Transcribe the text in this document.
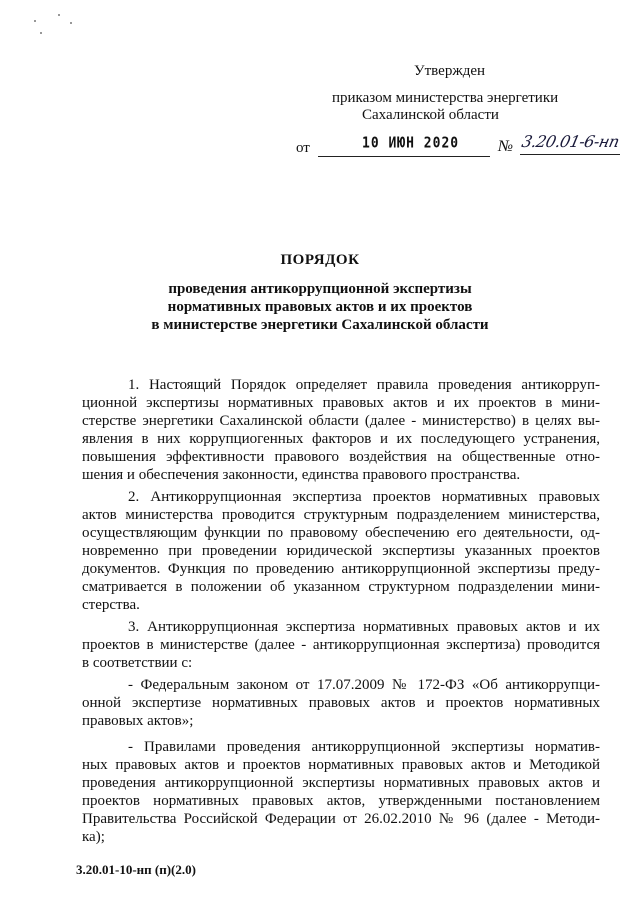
Утвержден
приказом министерства энергетики
Сахалинской области
от	10 ИЮН 2020 № 3.20.01-6-нп
ПОРЯДОК
проведения антикоррупционной экспертизы
нормативных правовых актов и их проектов
в министерстве энергетики Сахалинской области
1. Настоящий Порядок определяет правила проведения антикорруп-
ционной экспертизы нормативных правовых актов и их проектов в мини-
стерстве энергетики Сахалинской области (далее - министерство) в целях вы-
явления в них коррупциогенных факторов и их последующего устранения,
повышения эффективности правового воздействия на общественные отно-
шения и обеспечения законности, единства правового пространства.
2. Антикоррупционная экспертиза проектов нормативных правовых
актов министерства проводится структурным подразделением министерства,
осуществляющим функции по правовому обеспечению его деятельности, од-
новременно при проведении юридической экспертизы указанных проектов
документов. Функция по проведению антикоррупционной экспертизы преду-
сматривается в положении об указанном структурном подразделении мини-
стерства.
3. Антикоррупционная экспертиза нормативных правовых актов и их
проектов в министерстве (далее - антикоррупционная экспертиза) проводится
в соответствии с:
- Федеральным законом от 17.07.2009 № 172-ФЗ «Об антикоррупци-
онной экспертизе нормативных правовых актов и проектов нормативных
правовых актов»;
- Правилами проведения антикоррупционной экспертизы норматив-
ных правовых актов и проектов нормативных правовых актов и Методикой
проведения антикоррупционной экспертизы нормативных правовых актов и
проектов нормативных правовых актов, утвержденными постановлением
Правительства Российской Федерации от 26.02.2010 № 96 (далее - Методи-
ка);
3.20.01-10-нп (п)(2.0)
